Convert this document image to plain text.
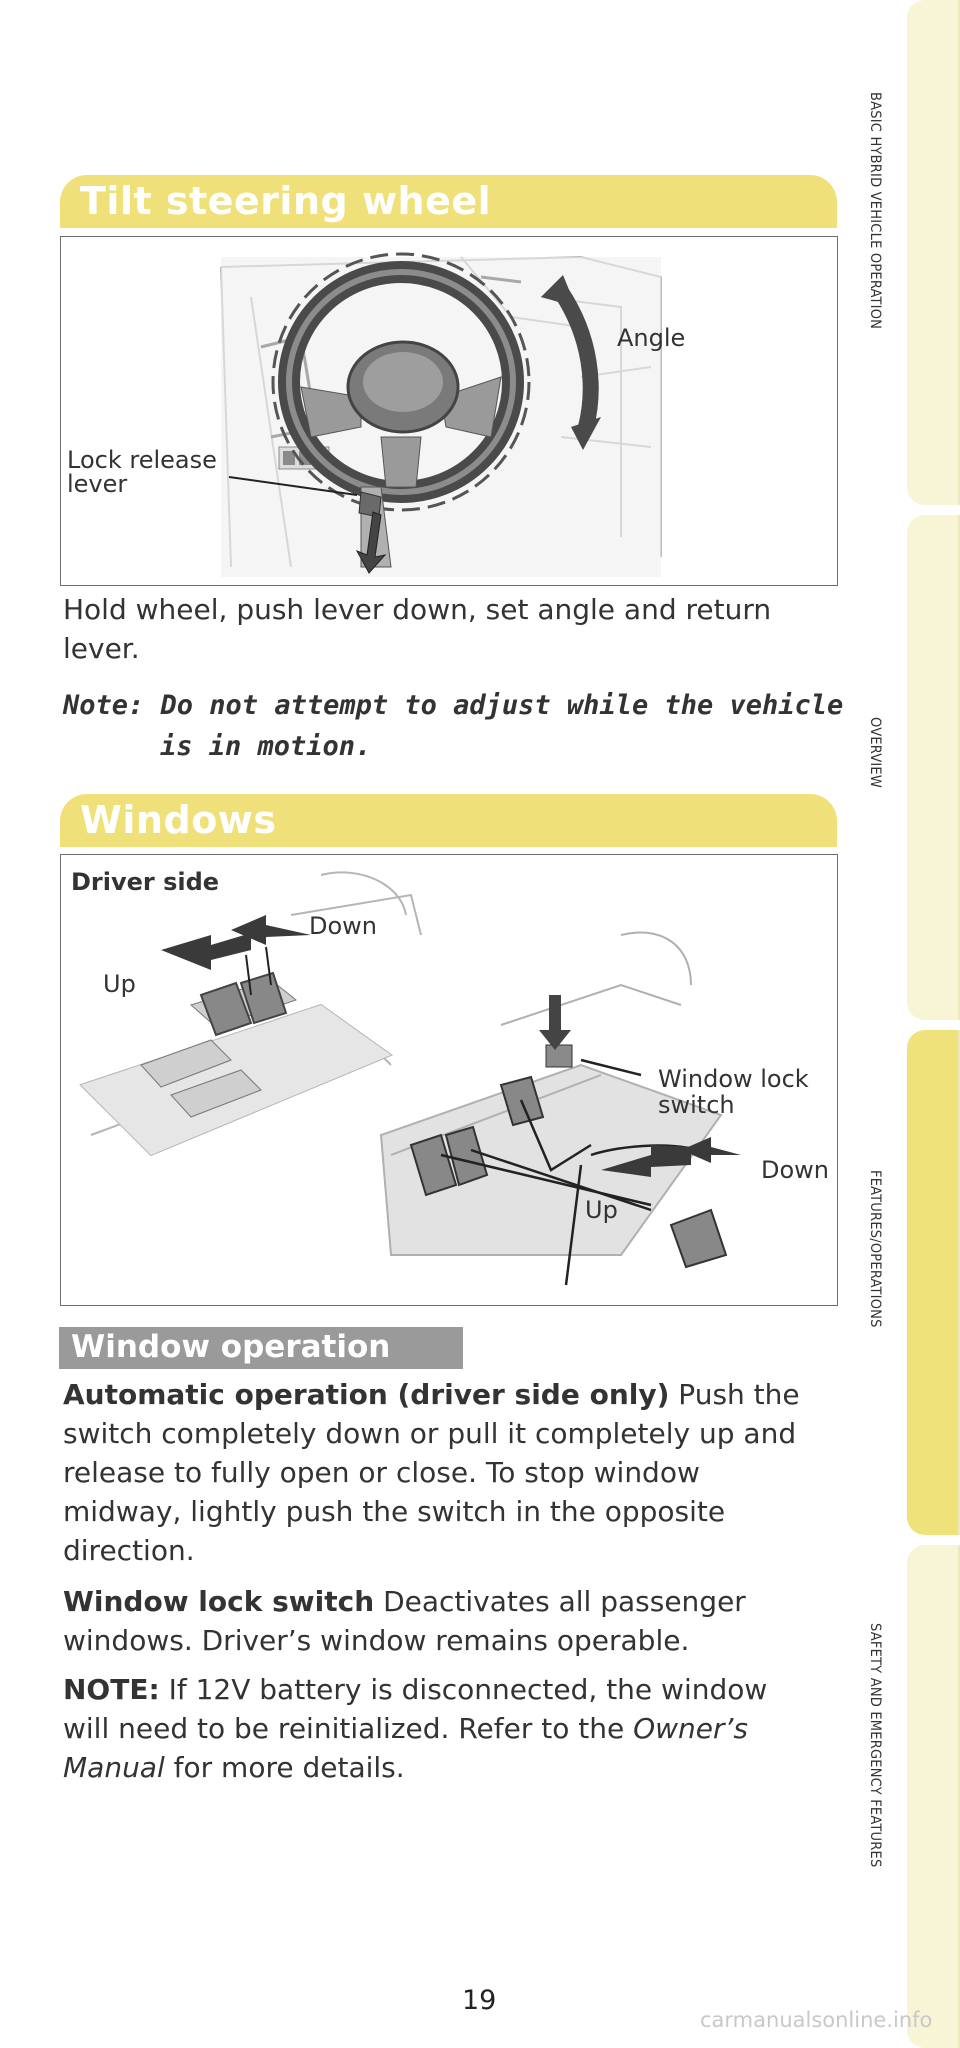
BASIC HYBRID VEHICLE OPERATION
OVERVIEW
FEATURES/OPERATIONS
SAFETY AND EMERGENCY FEATURES
Tilt steering wheel
Angle
Lock release
lever
Hold wheel, push lever down, set angle and return lever.
Note: Do not attempt to adjust while the vehicle
is in motion.
Windows
Driver side
Down
Up
Window lock
switch
Down
Up
Window operation
Automatic operation (driver side only) Push the switch completely down or pull it completely up and release to fully open or close. To stop window midway, lightly push the switch in the opposite direction.
Window lock switch Deactivates all passenger windows. Driver’s window remains operable.
NOTE: If 12V battery is disconnected, the window will need to be reinitialized. Refer to the Owner’s Manual for more details.
19
carmanualsonline.info
